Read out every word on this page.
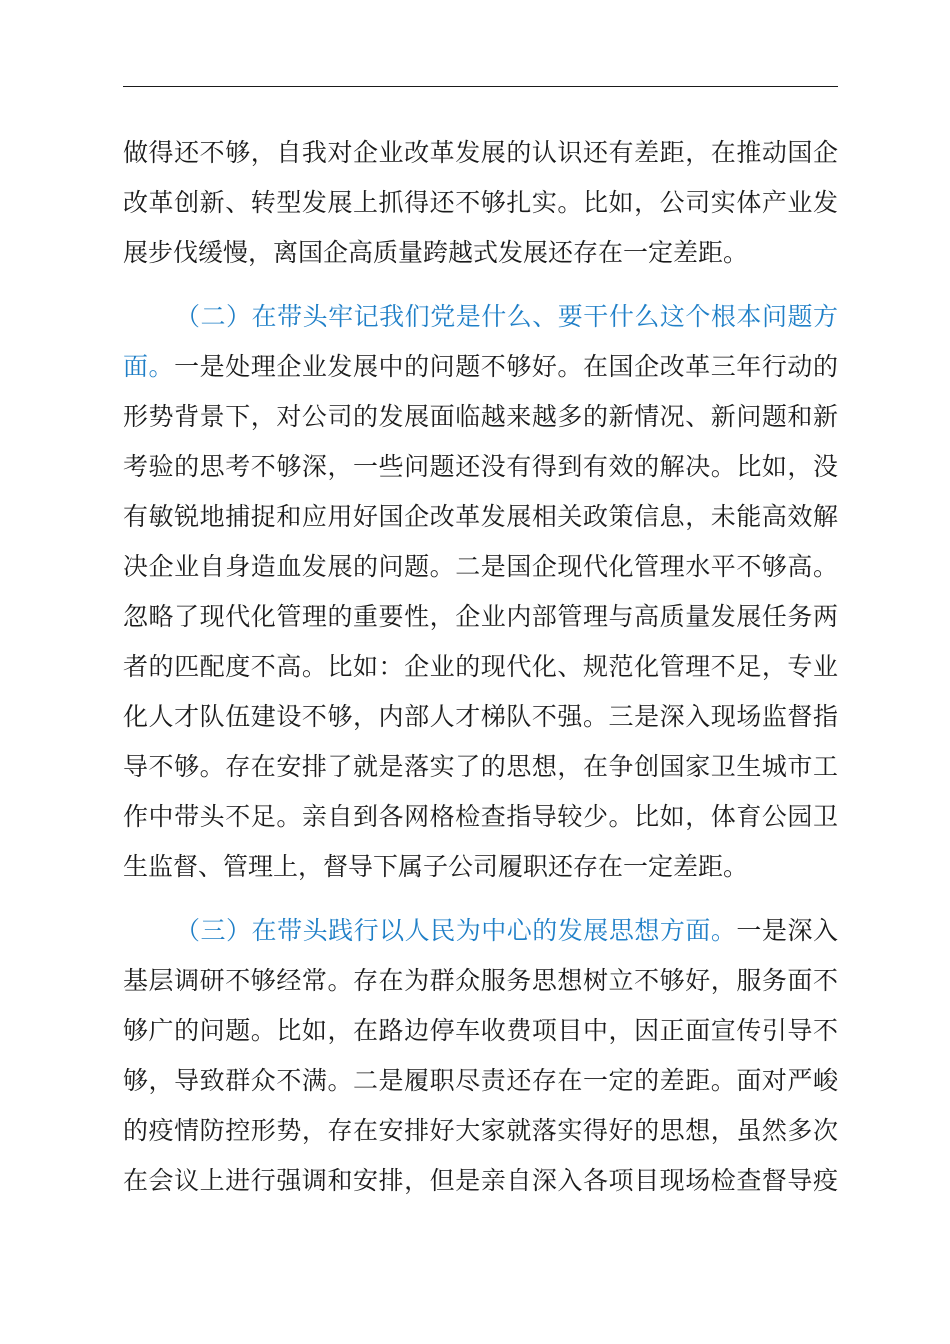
做得还不够，自我对企业改革发展的认识还有差距，在推动国企
改革创新、转型发展上抓得还不够扎实。比如，公司实体产业发
展步伐缓慢，离国企高质量跨越式发展还存在一定差距。
（二）在带头牢记我们党是什么、要干什么这个根本问题方
面。一是处理企业发展中的问题不够好。在国企改革三年行动的
形势背景下，对公司的发展面临越来越多的新情况、新问题和新
考验的思考不够深，一些问题还没有得到有效的解决。比如，没
有敏锐地捕捉和应用好国企改革发展相关政策信息，未能高效解
决企业自身造血发展的问题。二是国企现代化管理水平不够高。
忽略了现代化管理的重要性，企业内部管理与高质量发展任务两
者的匹配度不高。比如：企业的现代化、规范化管理不足，专业
化人才队伍建设不够，内部人才梯队不强。三是深入现场监督指
导不够。存在安排了就是落实了的思想，在争创国家卫生城市工
作中带头不足。亲自到各网格检查指导较少。比如，体育公园卫
生监督、管理上，督导下属子公司履职还存在一定差距。
（三）在带头践行以人民为中心的发展思想方面。一是深入
基层调研不够经常。存在为群众服务思想树立不够好，服务面不
够广的问题。比如，在路边停车收费项目中，因正面宣传引导不
够，导致群众不满。二是履职尽责还存在一定的差距。面对严峻
的疫情防控形势，存在安排好大家就落实得好的思想，虽然多次
在会议上进行强调和安排，但是亲自深入各项目现场检查督导疫
